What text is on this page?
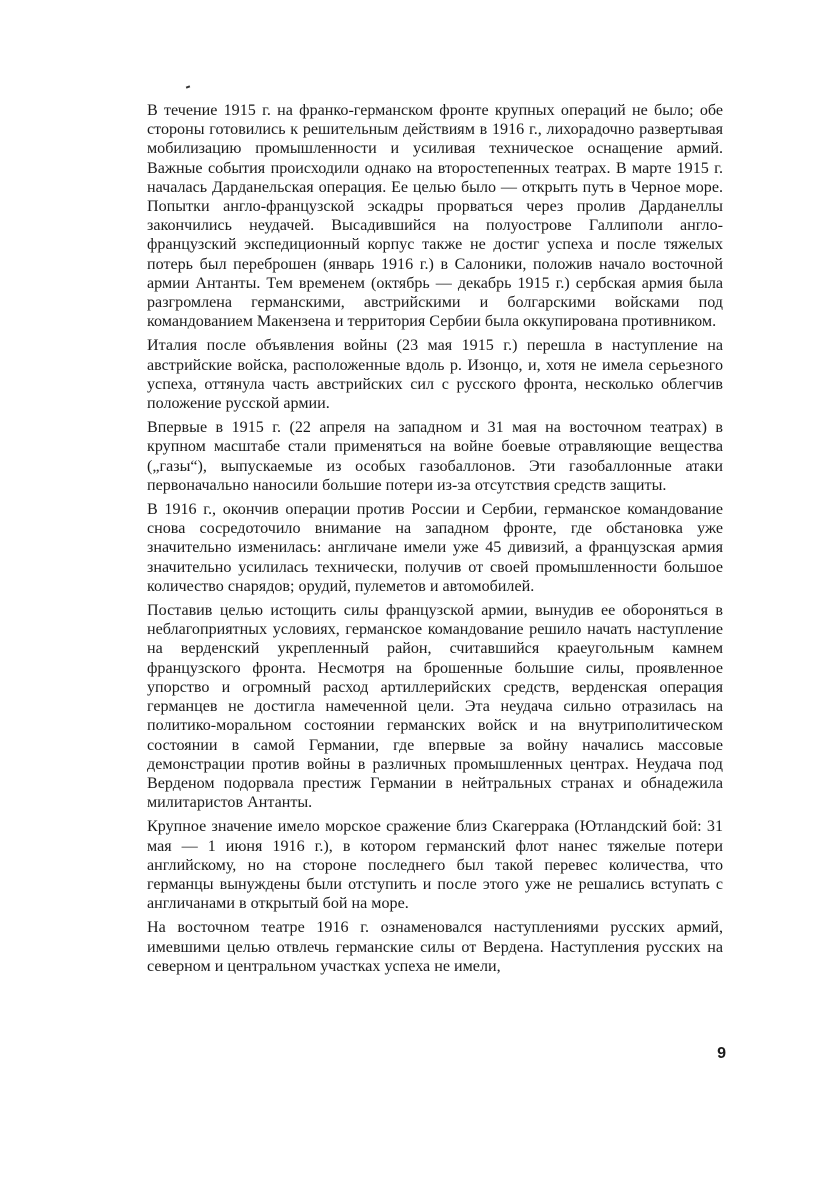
В течение 1915 г. на франко-германском фронте крупных операций не было; обе стороны готовились к решительным действиям в 1916 г., лихорадочно развертывая мобилизацию промышленности и усиливая техническое оснащение армий. Важные события происходили однако на второстепенных театрах. В марте 1915 г. началась Дарданельская операция. Ее целью было — открыть путь в Черное море. Попытки англо-французской эскадры прорваться через пролив Дарданеллы закончились неудачей. Высадившийся на полуострове Галлиполи англо-французский экспедиционный корпус также не достиг успеха и после тяжелых потерь был переброшен (январь 1916 г.) в Салоники, положив начало восточной армии Антанты. Тем временем (октябрь — декабрь 1915 г.) сербская армия была разгромлена германскими, австрийскими и болгарскими войсками под командованием Макензена и территория Сербии была оккупирована противником.

Италия после объявления войны (23 мая 1915 г.) перешла в наступление на австрийские войска, расположенные вдоль р. Изонцо, и, хотя не имела серьезного успеха, оттянула часть австрийских сил с русского фронта, несколько облегчив положение русской армии.

Впервые в 1915 г. (22 апреля на западном и 31 мая на восточном театрах) в крупном масштабе стали применяться на войне боевые отравляющие вещества („газы“), выпускаемые из особых газобаллонов. Эти газобаллонные атаки первоначально наносили большие потери из-за отсутствия средств защиты.

В 1916 г., окончив операции против России и Сербии, германское командование снова сосредоточило внимание на западном фронте, где обстановка уже значительно изменилась: англичане имели уже 45 дивизий, а французская армия значительно усилилась технически, получив от своей промышленности большое количество снарядов; орудий, пулеметов и автомобилей.

Поставив целью истощить силы французской армии, вынудив ее обороняться в неблагоприятных условиях, германское командование решило начать наступление на верденский укрепленный район, считавшийся краеугольным камнем французского фронта. Несмотря на брошенные большие силы, проявленное упорство и огромный расход артиллерийских средств, верденская операция германцев не достигла намеченной цели. Эта неудача сильно отразилась на политико-моральном состоянии германских войск и на внутриполитическом состоянии в самой Германии, где впервые за войну начались массовые демонстрации против войны в различных промышленных центрах. Неудача под Верденом подорвала престиж Германии в нейтральных странах и обнадежила милитаристов Антанты.

Крупное значение имело морское сражение близ Скагеррака (Ютландский бой: 31 мая — 1 июня 1916 г.), в котором германский флот нанес тяжелые потери английскому, но на стороне последнего был такой перевес количества, что германцы вынуждены были отступить и после этого уже не решались вступать с англичанами в открытый бой на море.

На восточном театре 1916 г. ознаменовался наступлениями русских армий, имевшими целью отвлечь германские силы от Вердена. Наступления русских на северном и центральном участках успеха не имели,

9
